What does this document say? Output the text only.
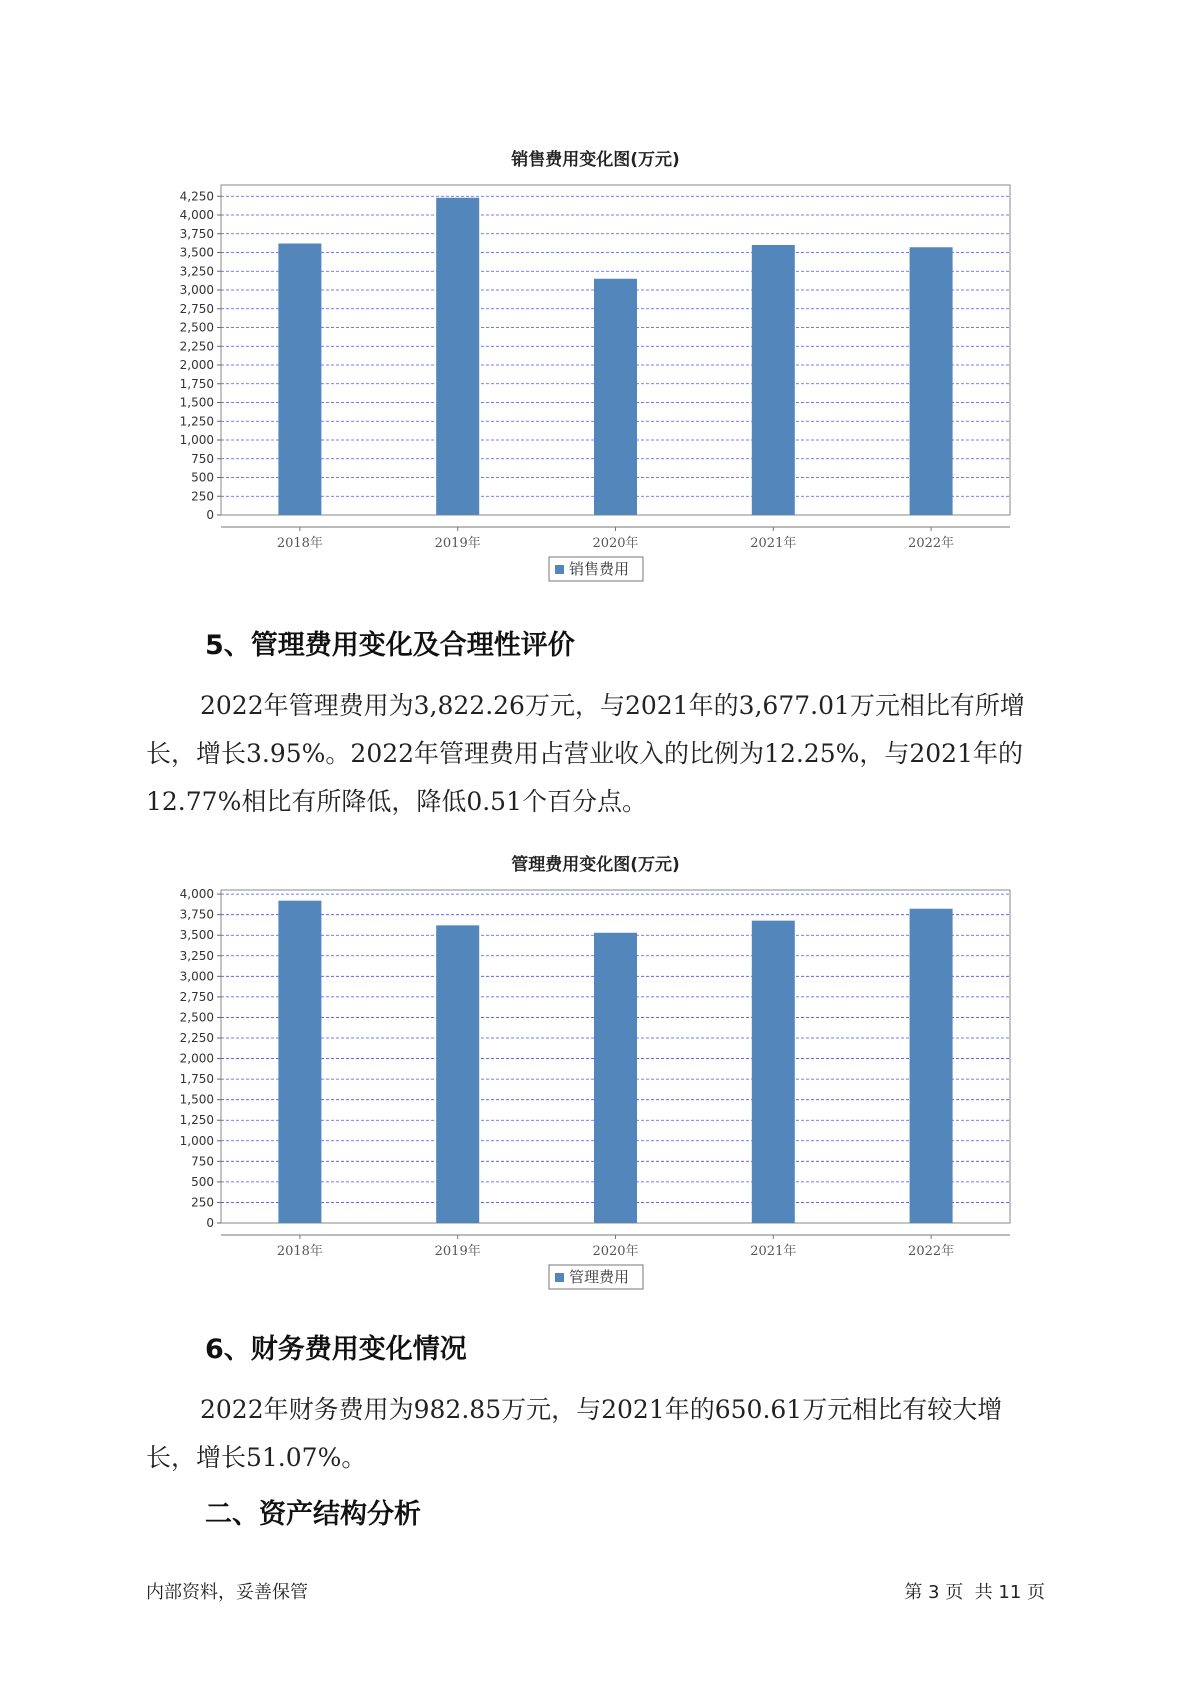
销售费用变化图(万元)
0
250
500
750
1,000
1,250
1,500
1,750
2,000
2,250
2,500
2,750
3,000
3,250
3,500
3,750
4,000
4,250
2018年	2019年	2020年	2021年	2022年
销售费用
5、管理费用变化及合理性评价

2022年管理费用为3,822.26万元，与2021年的3,677.01万元相比有所增长，增长3.95%。2022年管理费用占营业收入的比例为12.25%，与2021年的12.77%相比有所降低，降低0.51个百分点。

管理费用变化图(万元)
0
250
500
750
1,000
1,250
1,500
1,750
2,000
2,250
2,500
2,750
3,000
3,250
3,500
3,750
4,000
2018年	2019年	2020年	2021年	2022年
管理费用
6、财务费用变化情况

2022年财务费用为982.85万元，与2021年的650.61万元相比有较大增长，增长51.07%。

二、资产结构分析
内部资料，妥善保管	第 3 页  共 11 页
